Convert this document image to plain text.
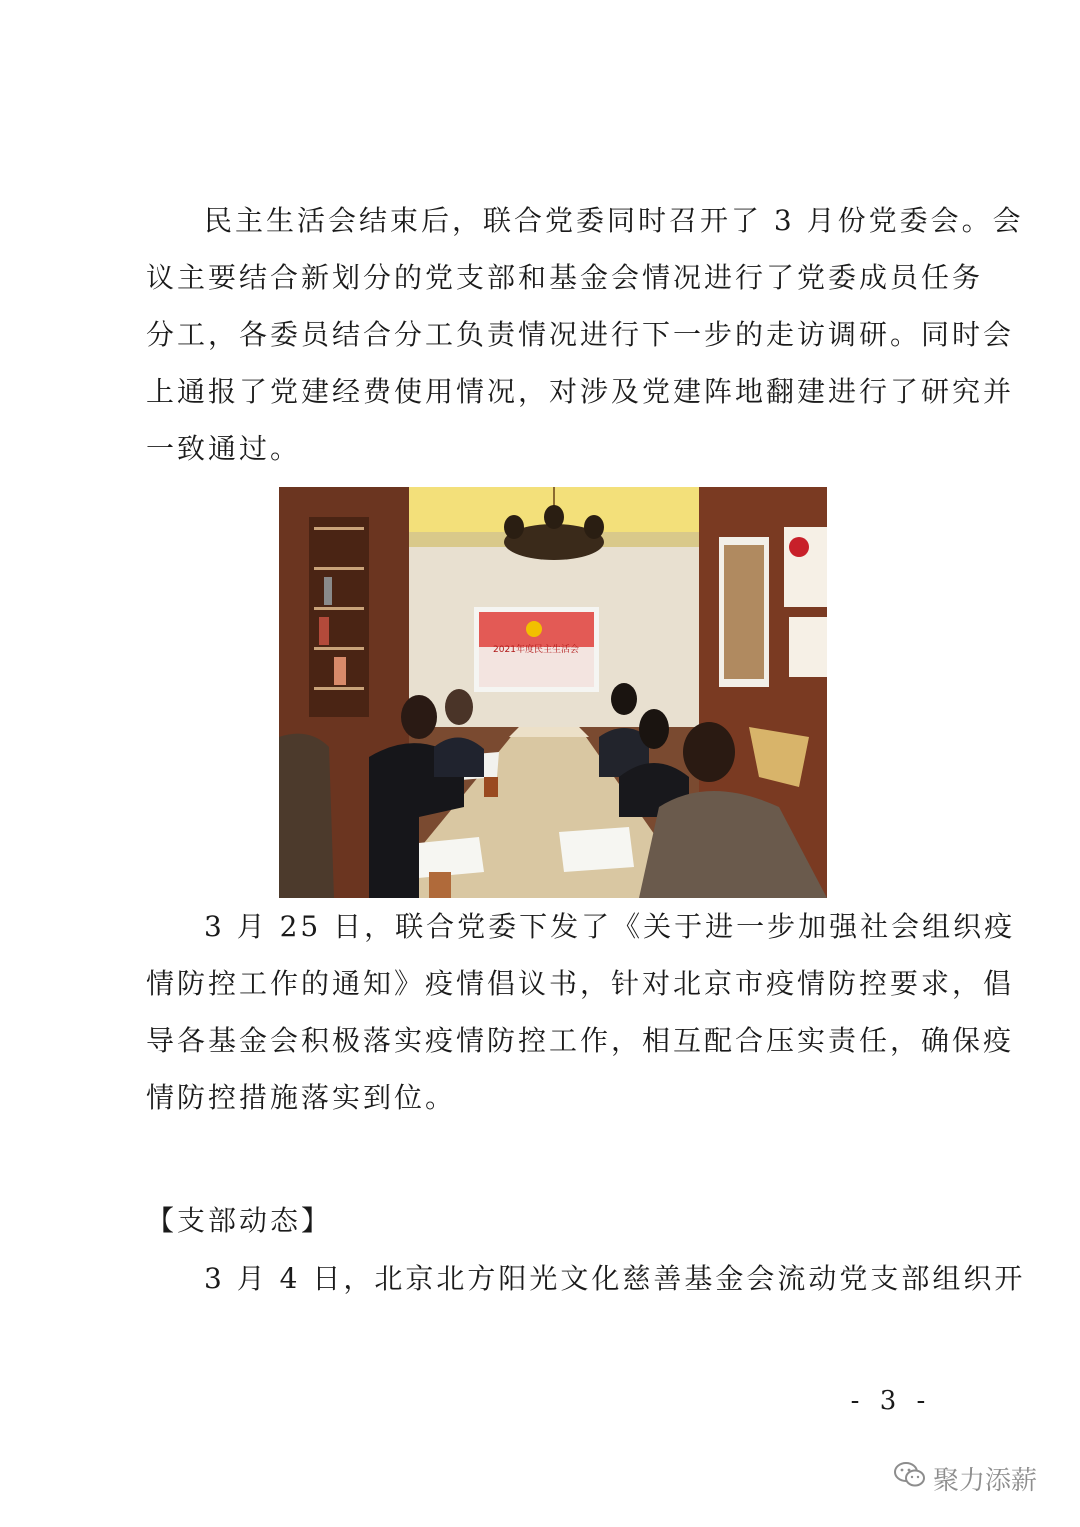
民主生活会结束后，联合党委同时召开了 3 月份党委会。会
议主要结合新划分的党支部和基金会情况进行了党委成员任务
分工，各委员结合分工负责情况进行下一步的走访调研。同时会
上通报了党建经费使用情况，对涉及党建阵地翻建进行了研究并
一致通过。
2021年度民主生活会
3 月 25 日，联合党委下发了《关于进一步加强社会组织疫
情防控工作的通知》疫情倡议书，针对北京市疫情防控要求，倡
导各基金会积极落实疫情防控工作，相互配合压实责任，确保疫
情防控措施落实到位。
【支部动态】
3 月 4 日，北京北方阳光文化慈善基金会流动党支部组织开
- 3 -
聚力添薪
